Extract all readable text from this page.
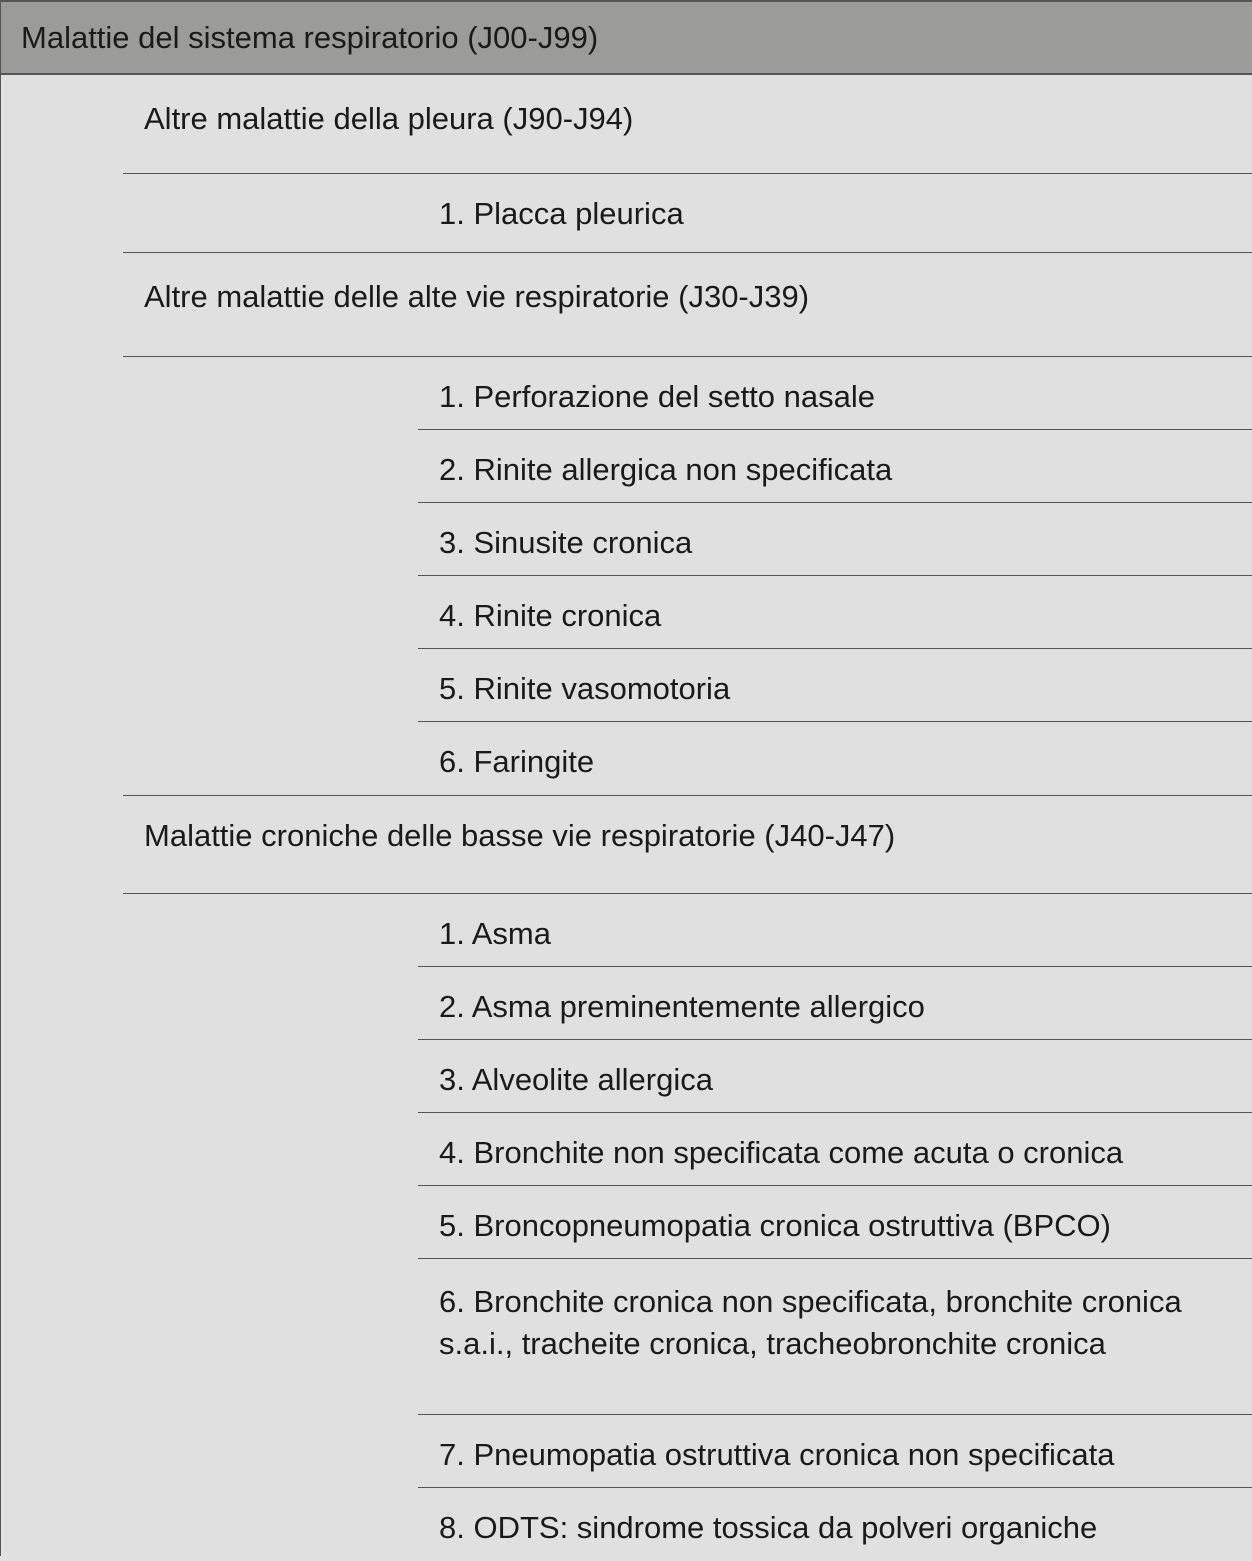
Malattie del sistema respiratorio (J00-J99)
Altre malattie della pleura (J90-J94)
1. Placca pleurica
Altre malattie delle alte vie respiratorie (J30-J39)
1. Perforazione del setto nasale
2. Rinite allergica non specificata
3. Sinusite cronica
4. Rinite cronica
5. Rinite vasomotoria
6. Faringite
Malattie croniche delle basse vie respiratorie (J40-J47)
1. Asma
2. Asma preminentemente allergico
3. Alveolite allergica
4. Bronchite non specificata come acuta o cronica
5. Broncopneumopatia cronica ostruttiva (BPCO)
6. Bronchite cronica non specificata, bronchite cronica s.a.i., tracheite cronica, tracheobronchite cronica
7. Pneumopatia ostruttiva cronica non specificata
8. ODTS: sindrome tossica da polveri organiche
